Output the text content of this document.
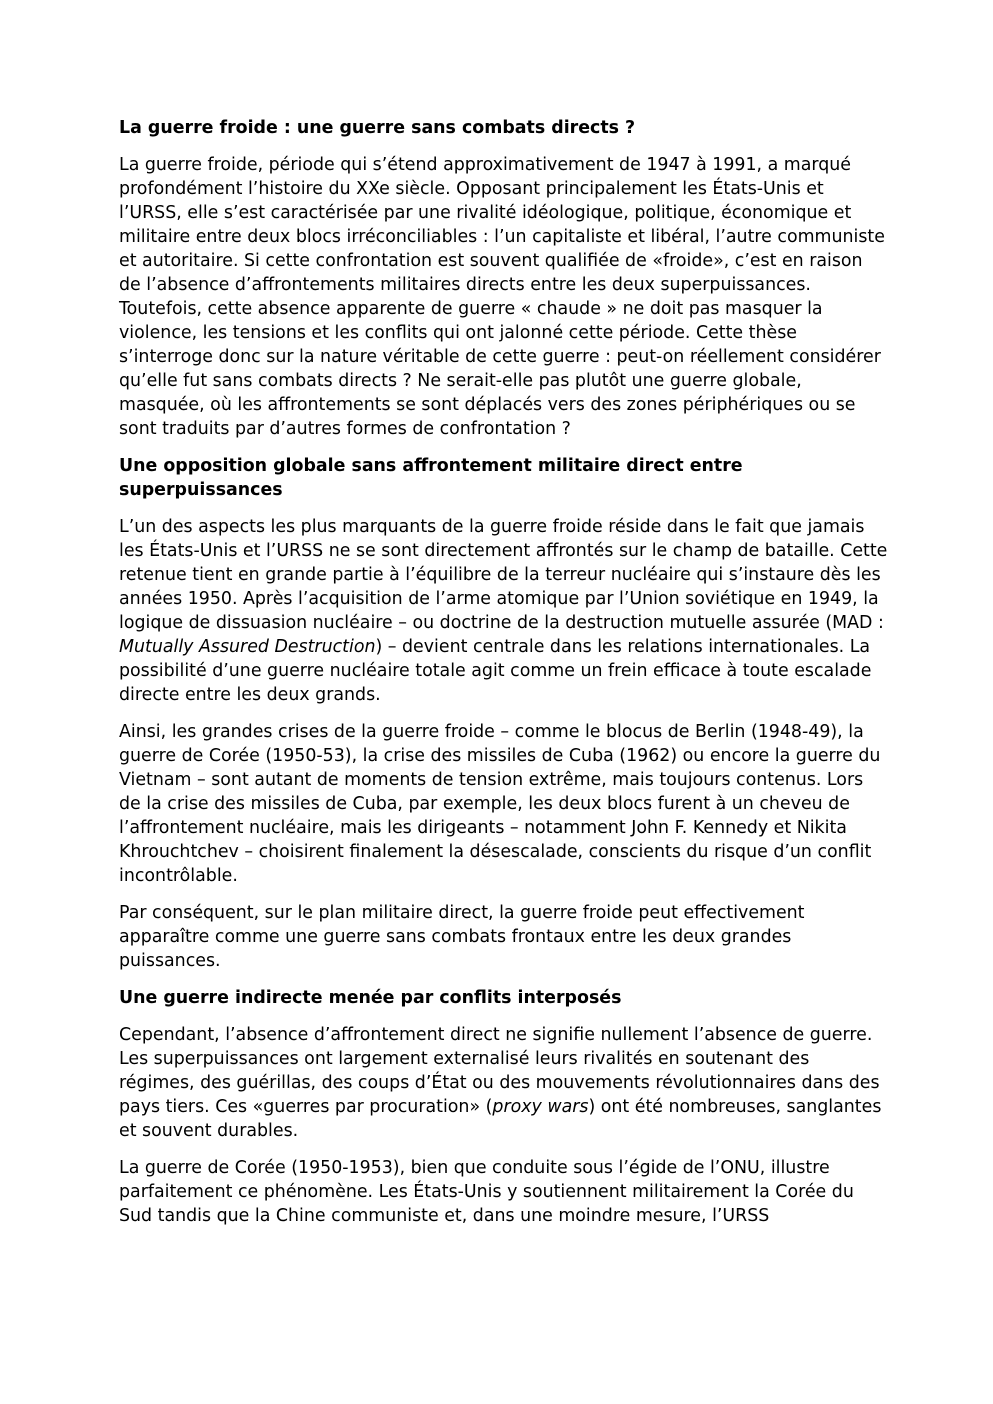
La guerre froide : une guerre sans combats directs ?

La guerre froide, période qui s’étend approximativement de 1947 à 1991, a marqué profondément l’histoire du XXe siècle. Opposant principalement les États-Unis et l’URSS, elle s’est caractérisée par une rivalité idéologique, politique, économique et militaire entre deux blocs irréconciliables : l’un capitaliste et libéral, l’autre communiste et autoritaire. Si cette confrontation est souvent qualifiée de «froide», c’est en raison de l’absence d’affrontements militaires directs entre les deux superpuissances. Toutefois, cette absence apparente de guerre « chaude » ne doit pas masquer la violence, les tensions et les conflits qui ont jalonné cette période. Cette thèse s’interroge donc sur la nature véritable de cette guerre : peut-on réellement considérer qu’elle fut sans combats directs ? Ne serait-elle pas plutôt une guerre globale, masquée, où les affrontements se sont déplacés vers des zones périphériques ou se sont traduits par d’autres formes de confrontation ?

Une opposition globale sans affrontement militaire direct entre superpuissances

L’un des aspects les plus marquants de la guerre froide réside dans le fait que jamais les États-Unis et l’URSS ne se sont directement affrontés sur le champ de bataille. Cette retenue tient en grande partie à l’équilibre de la terreur nucléaire qui s’instaure dès les années 1950. Après l’acquisition de l’arme atomique par l’Union soviétique en 1949, la logique de dissuasion nucléaire – ou doctrine de la destruction mutuelle assurée (MAD : Mutually Assured Destruction) – devient centrale dans les relations internationales. La possibilité d’une guerre nucléaire totale agit comme un frein efficace à toute escalade directe entre les deux grands.

Ainsi, les grandes crises de la guerre froide – comme le blocus de Berlin (1948-49), la guerre de Corée (1950-53), la crise des missiles de Cuba (1962) ou encore la guerre du Vietnam – sont autant de moments de tension extrême, mais toujours contenus. Lors de la crise des missiles de Cuba, par exemple, les deux blocs furent à un cheveu de l’affrontement nucléaire, mais les dirigeants – notamment John F. Kennedy et Nikita Khrouchtchev – choisirent finalement la désescalade, conscients du risque d’un conflit incontrôlable.

Par conséquent, sur le plan militaire direct, la guerre froide peut effectivement apparaître comme une guerre sans combats frontaux entre les deux grandes puissances.

Une guerre indirecte menée par conflits interposés

Cependant, l’absence d’affrontement direct ne signifie nullement l’absence de guerre. Les superpuissances ont largement externalisé leurs rivalités en soutenant des régimes, des guérillas, des coups d’État ou des mouvements révolutionnaires dans des pays tiers. Ces «guerres par procuration» (proxy wars) ont été nombreuses, sanglantes et souvent durables.

La guerre de Corée (1950-1953), bien que conduite sous l’égide de l’ONU, illustre parfaitement ce phénomène. Les États-Unis y soutiennent militairement la Corée du Sud tandis que la Chine communiste et, dans une moindre mesure, l’URSS
